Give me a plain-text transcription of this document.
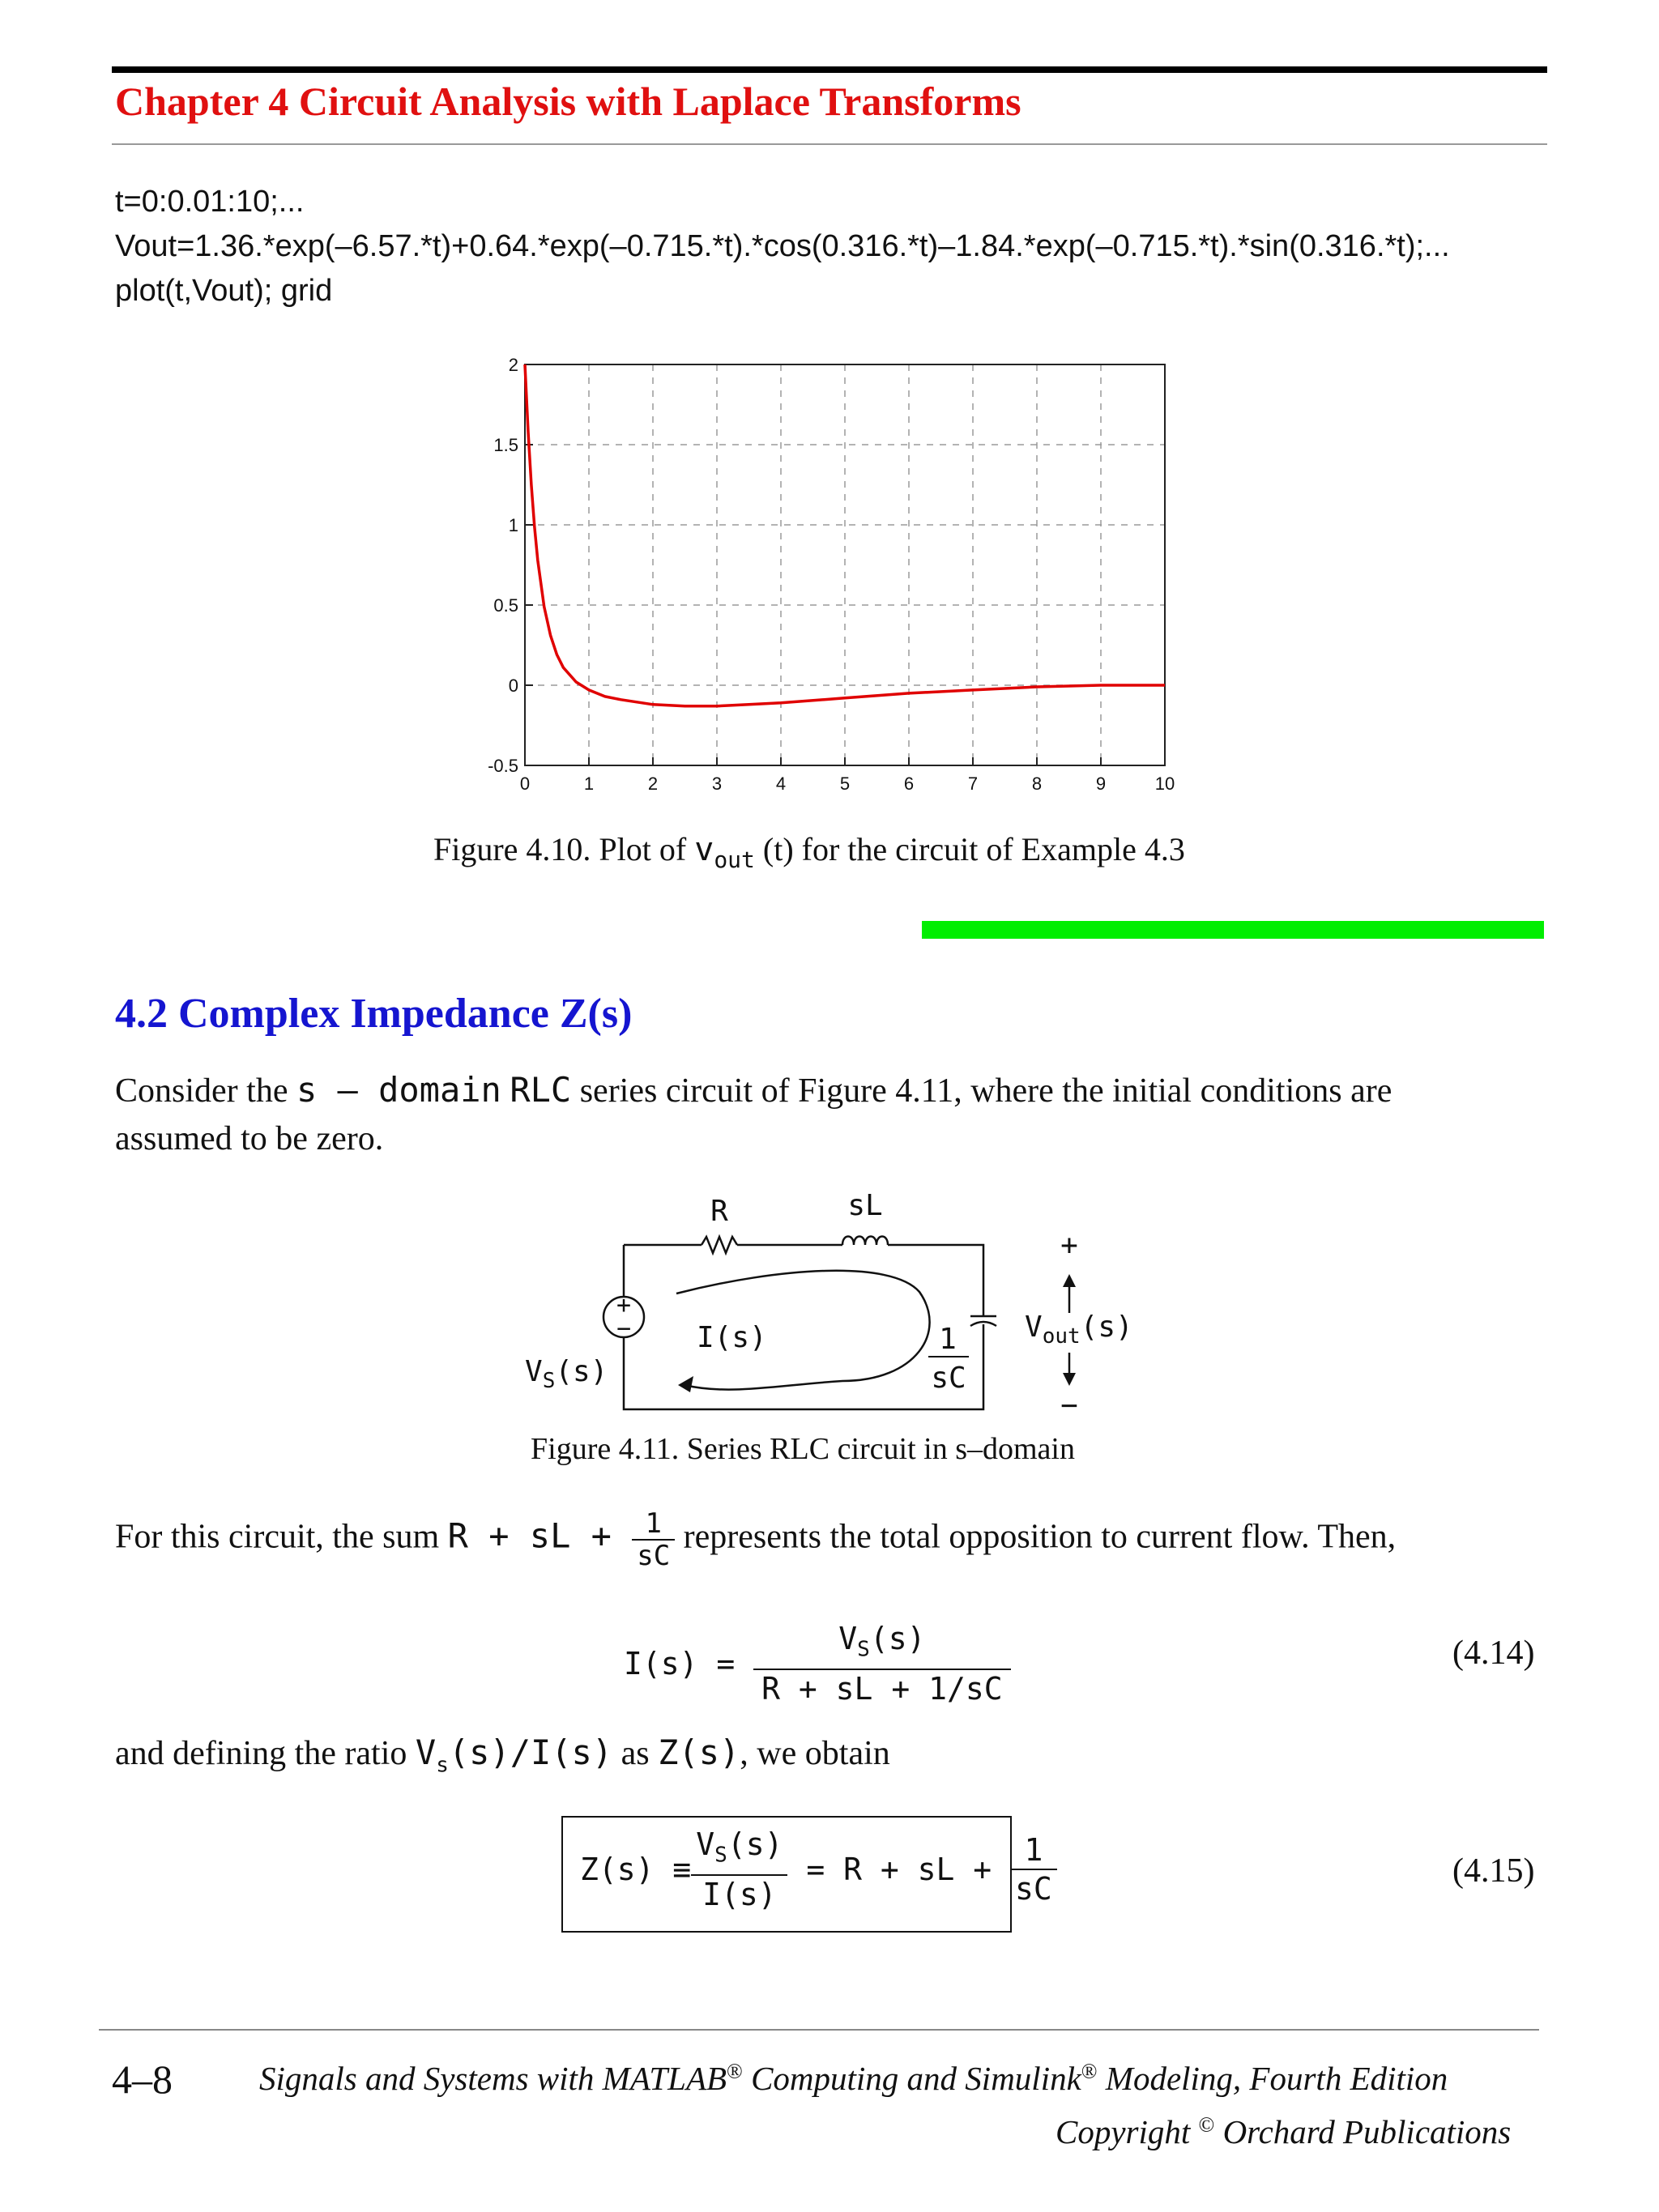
Chapter 4 Circuit Analysis with Laplace Transforms
t=0:0.01:10;...
Vout=1.36.*exp(–6.57.*t)+0.64.*exp(–0.715.*t).*cos(0.316.*t)–1.84.*exp(–0.715.*t).*sin(0.316.*t);...
plot(t,Vout); grid
0	1	2	3	4	5	6	7	8	9	10
-0.5
0
0.5
1
1.5
2
Figure 4.10. Plot of $v_{out}$ (t) for the circuit of Example 4.3
4.2 Complex Impedance Z(s)
Consider the s – domain RLC series circuit of Figure 4.11, where the initial conditions are
assumed to be zero.
R	sL
I(s)
$V_S(s)$
+
−	1
sC
+
$V_{out}(s)$
−
Figure 4.11. Series RLC circuit in s–domain
For this circuit, the sum R + sL + $\frac{1}{sC}$ represents the total opposition to current flow. Then,
$I(s) = \frac{V_S(s)}{R + sL + 1∕sC}$	(4.14)
and defining the ratio $V_s(s)∕I(s)$ as Z(s), we obtain
$Z(s) \equiv \frac{V_S(s)}{I(s)} = R$ + sL + $\frac{1}{sC}$	(4.15)
4–8	Signals and Systems with MATLAB® Computing and Simulink® Modeling, Fourth Edition
Copyright © Orchard Publications
